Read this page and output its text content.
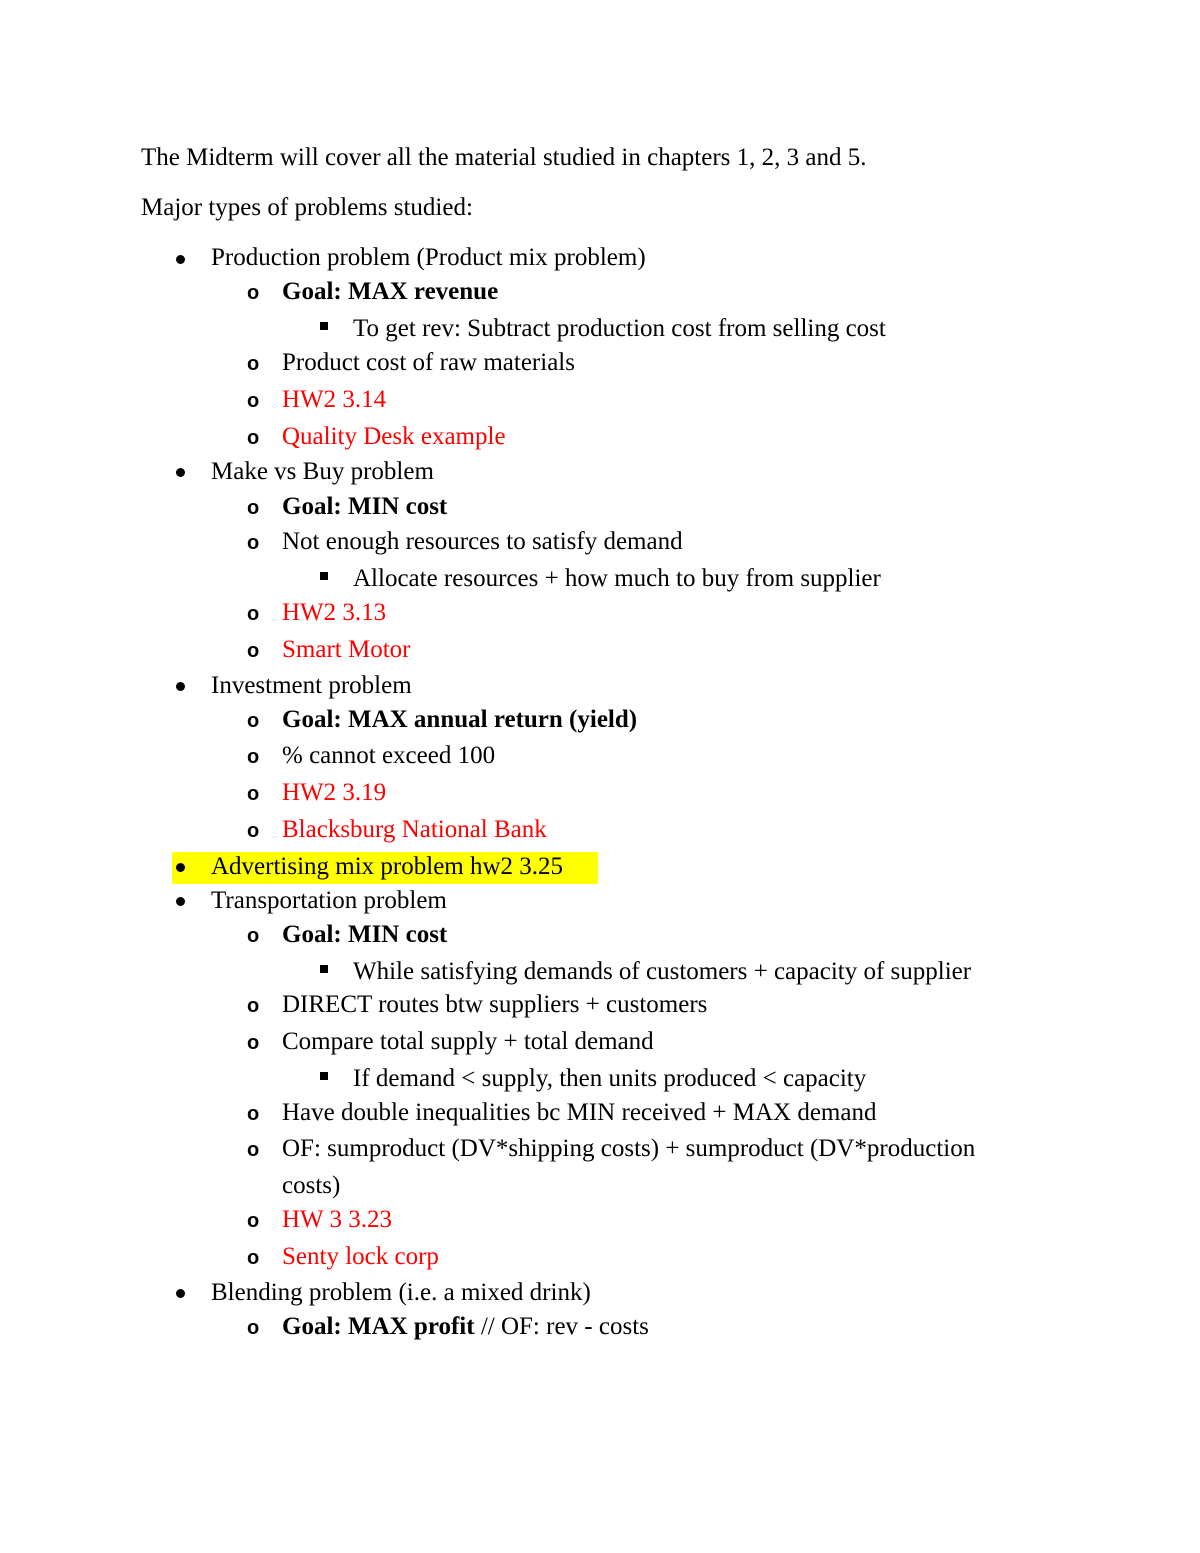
The Midterm will cover all the material studied in chapters 1, 2, 3 and 5.
Major types of problems studied:
Production problem (Product mix problem)
o Goal: MAX revenue
To get rev: Subtract production cost from selling cost
o Product cost of raw materials
o HW2 3.14
o Quality Desk example
Make vs Buy problem
o Goal: MIN cost
o Not enough resources to satisfy demand
Allocate resources + how much to buy from supplier
o HW2 3.13
o Smart Motor
Investment problem
o Goal: MAX annual return (yield)
o % cannot exceed 100
o HW2 3.19
o Blacksburg National Bank
Advertising mix problem hw2 3.25
Transportation problem
o Goal: MIN cost
While satisfying demands of customers + capacity of supplier
o DIRECT routes btw suppliers + customers
o Compare total supply + total demand
If demand < supply, then units produced < capacity
o Have double inequalities bc MIN received + MAX demand
o OF: sumproduct (DV*shipping costs) + sumproduct (DV*production
costs)
o HW 3 3.23
o Senty lock corp
Blending problem (i.e. a mixed drink)
o Goal: MAX profit // OF: rev - costs
